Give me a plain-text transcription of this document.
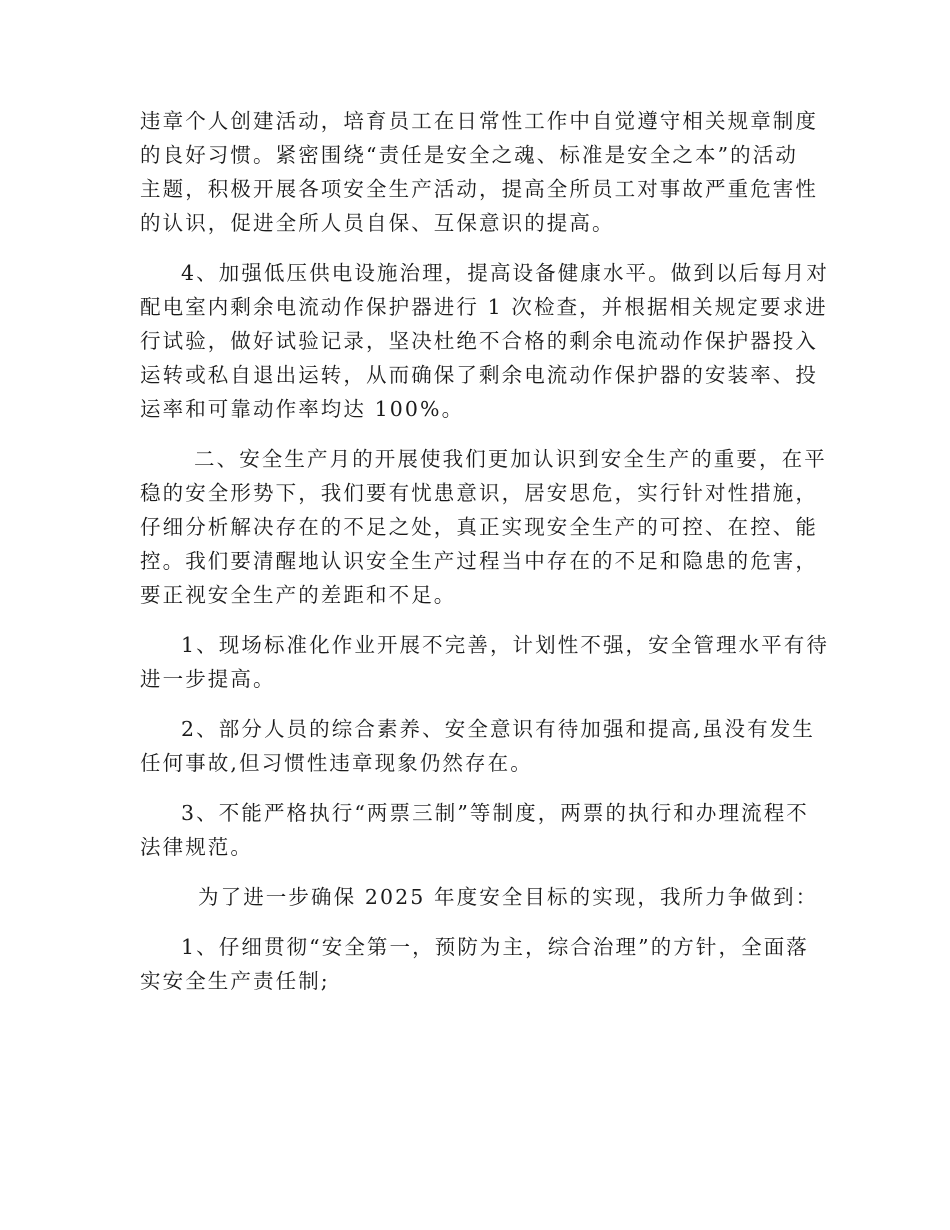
违章个人创建活动，培育员工在日常性工作中自觉遵守相关规章制度
的良好习惯。紧密围绕“责任是安全之魂、标准是安全之本”的活动
主题，积极开展各项安全生产活动，提高全所员工对事故严重危害性
的认识，促进全所人员自保、互保意识的提高。

4、加强低压供电设施治理，提高设备健康水平。做到以后每月对
配电室内剩余电流动作保护器进行 1 次检查，并根据相关规定要求进
行试验，做好试验记录，坚决杜绝不合格的剩余电流动作保护器投入
运转或私自退出运转，从而确保了剩余电流动作保护器的安装率、投
运率和可靠动作率均达 100%。

二、安全生产月的开展使我们更加认识到安全生产的重要，在平
稳的安全形势下，我们要有忧患意识，居安思危，实行针对性措施，
仔细分析解决存在的不足之处，真正实现安全生产的可控、在控、能
控。我们要清醒地认识安全生产过程当中存在的不足和隐患的危害，
要正视安全生产的差距和不足。

1、现场标准化作业开展不完善，计划性不强，安全管理水平有待
进一步提高。

2、部分人员的综合素养、安全意识有待加强和提高,虽没有发生
任何事故,但习惯性违章现象仍然存在。

3、不能严格执行“两票三制”等制度，两票的执行和办理流程不
法律规范。

为了进一步确保 2025 年度安全目标的实现，我所力争做到：

1、仔细贯彻“安全第一，预防为主，综合治理”的方针，全面落
实安全生产责任制;
